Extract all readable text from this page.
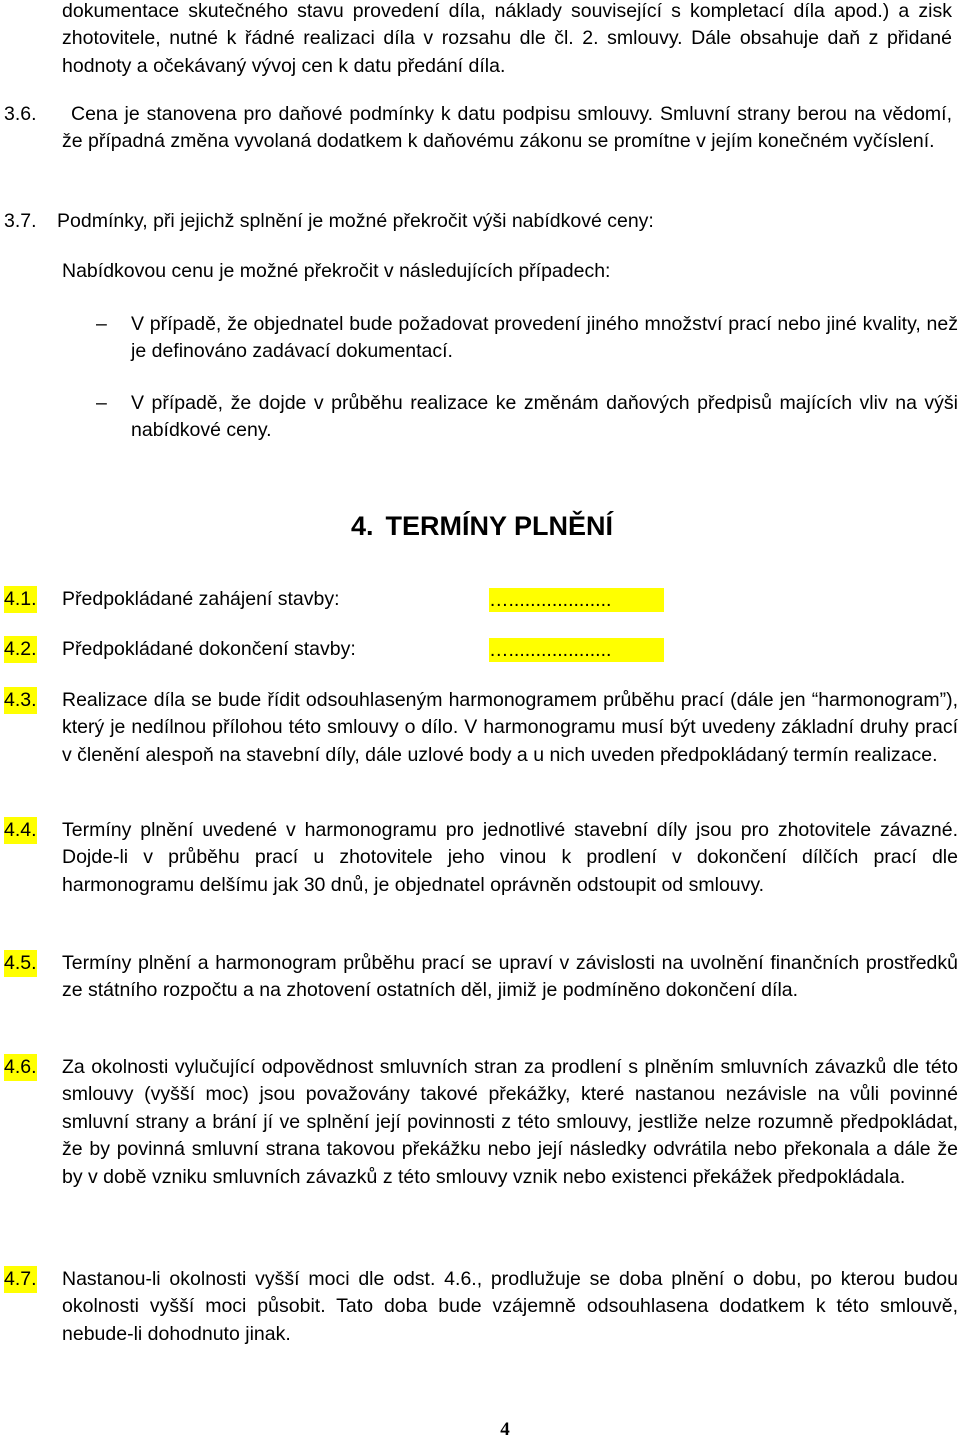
dokumentace skutečného stavu provedení díla, náklady související s kompletací díla apod.) a zisk zhotovitele, nutné k řádné realizaci díla v rozsahu dle čl. 2. smlouvy. Dále obsahuje daň z přidané hodnoty a očekávaný vývoj cen k datu předání díla.

3.6.	Cena je stanovena pro daňové podmínky k datu podpisu smlouvy. Smluvní strany berou na vědomí, že případná změna vyvolaná dodatkem k daňovému zákonu se promítne v jejím konečném vyčíslení.

3.7. Podmínky, při jejichž splnění je možné překročit výši nabídkové ceny:

Nabídkovou cenu je možné překročit v následujících případech:

– V případě, že objednatel bude požadovat provedení jiného množství prací nebo jiné kvality, než je definováno zadávací dokumentací.

– V případě, že dojde v průběhu realizace ke změnám daňových předpisů majících vliv na výši nabídkové ceny.

4. TERMÍNY PLNĚNÍ
4.1. Předpokládané zahájení stavby:	…...................
4.2. Předpokládané dokončení stavby:	…...................
4.3. Realizace díla se bude řídit odsouhlaseným harmonogramem průběhu prací (dále jen “harmonogram”), který je nedílnou přílohou této smlouvy o dílo. V harmonogramu musí být uvedeny základní druhy prací v členění alespoň na stavební díly, dále uzlové body a u nich uveden předpokládaný termín realizace.

4.4. Termíny plnění uvedené v harmonogramu pro jednotlivé stavební díly jsou pro zhotovitele závazné. Dojde-li v průběhu prací u zhotovitele jeho vinou k prodlení v dokončení dílčích prací dle harmonogramu delšímu jak 30 dnů, je objednatel oprávněn odstoupit od smlouvy.

4.5. Termíny plnění a harmonogram průběhu prací se upraví v závislosti na uvolnění finančních prostředků ze státního rozpočtu a na zhotovení ostatních děl, jimiž je podmíněno dokončení díla.

4.6. Za okolnosti vylučující odpovědnost smluvních stran za prodlení s plněním smluvních závazků dle této smlouvy (vyšší moc) jsou považovány takové překážky, které nastanou nezávisle na vůli povinné smluvní strany a brání jí ve splnění její povinnosti z této smlouvy, jestliže nelze rozumně předpokládat, že by povinná smluvní strana takovou překážku nebo její následky odvrátila nebo překonala a dále že by v době vzniku smluvních závazků z této smlouvy vznik nebo existenci překážek předpokládala.

4.7. Nastanou-li okolnosti vyšší moci dle odst. 4.6., prodlužuje se doba plnění o dobu, po kterou budou okolnosti vyšší moci působit. Tato doba bude vzájemně odsouhlasena dodatkem k této smlouvě, nebude-li dohodnuto jinak.

4
